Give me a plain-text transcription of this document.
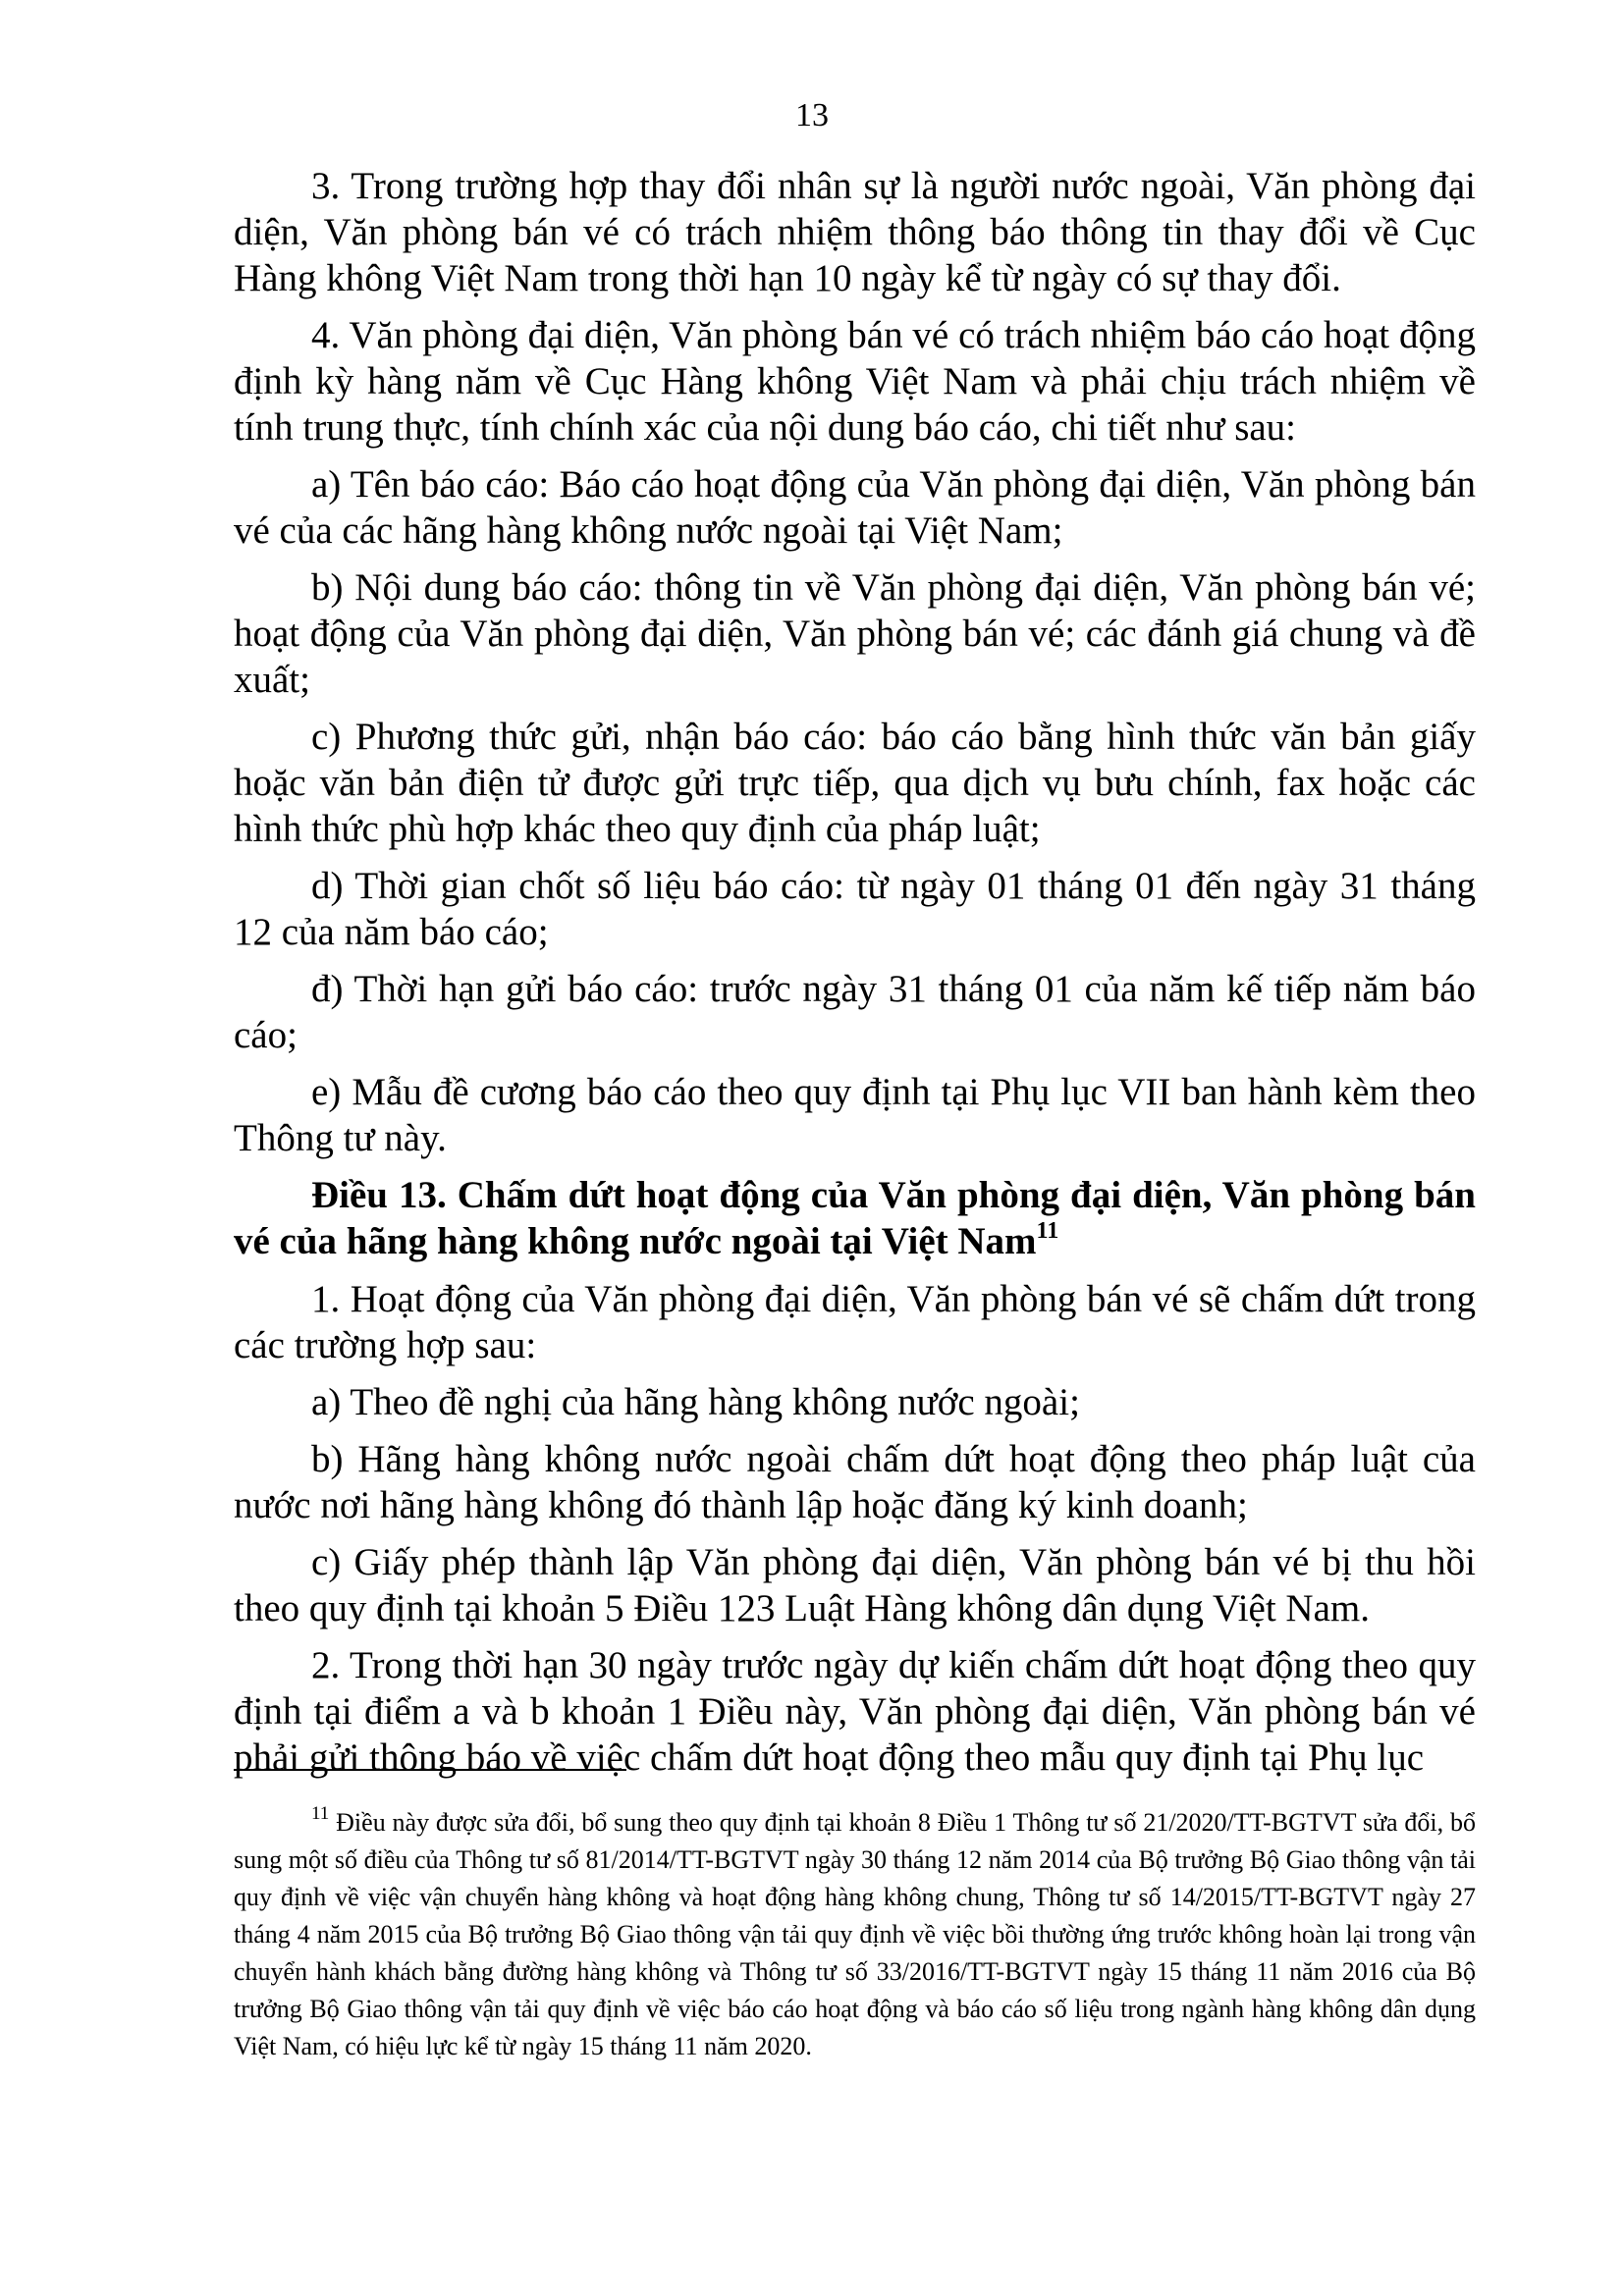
13

3. Trong trường hợp thay đổi nhân sự là người nước ngoài, Văn phòng đại diện, Văn phòng bán vé có trách nhiệm thông báo thông tin thay đổi về Cục Hàng không Việt Nam trong thời hạn 10 ngày kể từ ngày có sự thay đổi.

4. Văn phòng đại diện, Văn phòng bán vé có trách nhiệm báo cáo hoạt động định kỳ hàng năm về Cục Hàng không Việt Nam và phải chịu trách nhiệm về tính trung thực, tính chính xác của nội dung báo cáo, chi tiết như sau:

a) Tên báo cáo: Báo cáo hoạt động của Văn phòng đại diện, Văn phòng bán vé của các hãng hàng không nước ngoài tại Việt Nam;

b) Nội dung báo cáo: thông tin về Văn phòng đại diện, Văn phòng bán vé; hoạt động của Văn phòng đại diện, Văn phòng bán vé; các đánh giá chung và đề xuất;

c) Phương thức gửi, nhận báo cáo: báo cáo bằng hình thức văn bản giấy hoặc văn bản điện tử được gửi trực tiếp, qua dịch vụ bưu chính, fax hoặc các hình thức phù hợp khác theo quy định của pháp luật;

d) Thời gian chốt số liệu báo cáo: từ ngày 01 tháng 01 đến ngày 31 tháng 12 của năm báo cáo;

đ) Thời hạn gửi báo cáo: trước ngày 31 tháng 01 của năm kế tiếp năm báo cáo;

e) Mẫu đề cương báo cáo theo quy định tại Phụ lục VII ban hành kèm theo Thông tư này.

Điều 13. Chấm dứt hoạt động của Văn phòng đại diện, Văn phòng bán vé của hãng hàng không nước ngoài tại Việt Nam$^{11}$

1. Hoạt động của Văn phòng đại diện, Văn phòng bán vé sẽ chấm dứt trong các trường hợp sau:

a) Theo đề nghị của hãng hàng không nước ngoài;

b) Hãng hàng không nước ngoài chấm dứt hoạt động theo pháp luật của nước nơi hãng hàng không đó thành lập hoặc đăng ký kinh doanh;

c) Giấy phép thành lập Văn phòng đại diện, Văn phòng bán vé bị thu hồi theo quy định tại khoản 5 Điều 123 Luật Hàng không dân dụng Việt Nam.

2. Trong thời hạn 30 ngày trước ngày dự kiến chấm dứt hoạt động theo quy định tại điểm a và b khoản 1 Điều này, Văn phòng đại diện, Văn phòng bán vé phải gửi thông báo về việc chấm dứt hoạt động theo mẫu quy định tại Phụ lục

$^{11}$ Điều này được sửa đổi, bổ sung theo quy định tại khoản 8 Điều 1 Thông tư số 21/2020/TT-BGTVT sửa đổi, bổ sung một số điều của Thông tư số 81/2014/TT-BGTVT ngày 30 tháng 12 năm 2014 của Bộ trưởng Bộ Giao thông vận tải quy định về việc vận chuyển hàng không và hoạt động hàng không chung, Thông tư số 14/2015/TT-BGTVT ngày 27 tháng 4 năm 2015 của Bộ trưởng Bộ Giao thông vận tải quy định về việc bồi thường ứng trước không hoàn lại trong vận chuyển hành khách bằng đường hàng không và Thông tư số 33/2016/TT-BGTVT ngày 15 tháng 11 năm 2016 của Bộ trưởng Bộ Giao thông vận tải quy định về việc báo cáo hoạt động và báo cáo số liệu trong ngành hàng không dân dụng Việt Nam, có hiệu lực kể từ ngày 15 tháng 11 năm 2020.
